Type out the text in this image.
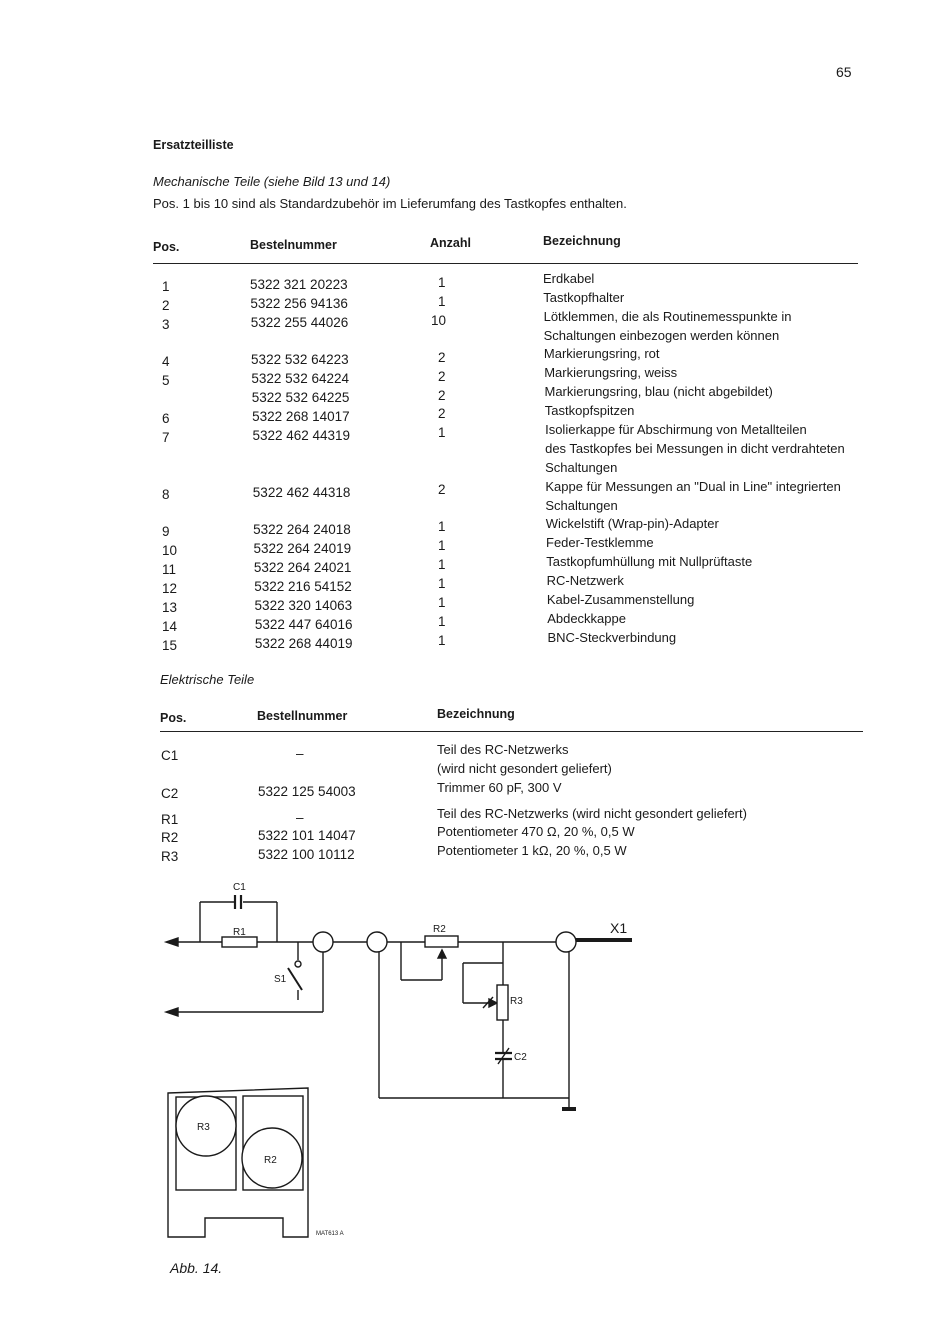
65
Ersatzteilliste
Mechanische Teile (siehe Bild 13 und 14)
Pos. 1 bis 10 sind als Standardzubehör im Lieferumfang des Tastkopfes enthalten.
Pos.	Bestelnummer	Anzahl	Bezeichnung
1	5322 321 20223	1	Erdkabel
2	5322 256 94136	1	Tastkopfhalter
3	5322 255 44026	10	Lötklemmen, die als Routinemesspunkte in
Schaltungen einbezogen werden können
4	5322 532 64223	2	Markierungsring, rot
5	5322 532 64224	2	Markierungsring, weiss
5322 532 64225	2	Markierungsring, blau (nicht abgebildet)
6	5322 268 14017	2	Tastkopfspitzen
7	5322 462 44319	1	Isolierkappe für Abschirmung von Metallteilen
des Tastkopfes bei Messungen in dicht verdrahteten
Schaltungen
8	5322 462 44318	2	Kappe für Messungen an "Dual in Line" integrierten
Schaltungen
9	5322 264 24018	1	Wickelstift (Wrap-pin)-Adapter
10	5322 264 24019	1	Feder-Testklemme
11	5322 264 24021	1	Tastkopfumhüllung mit Nullprüftaste
12	5322 216 54152	1	RC-Netzwerk
13	5322 320 14063	1	Kabel-Zusammenstellung
14	5322 447 64016	1	Abdeckkappe
15	5322 268 44019	1	BNC-Steckverbindung
Elektrische Teile
Pos.	Bestellnummer	Bezeichnung
C1	–	Teil des RC-Netzwerks
(wird nicht gesondert geliefert)
C2	5322 125 54003	Trimmer 60 pF, 300 V
R1	–	Teil des RC-Netzwerks (wird nicht gesondert geliefert)
R2	5322 101 14047	Potentiometer 470 Ω, 20 %, 0,5 W
R3	5322 100 10112	Potentiometer 1 kΩ, 20 %, 0,5 W
C1
R1
S1
R2
R3
C2
X1
R3
R2
MAT613 A
Abb. 14.
